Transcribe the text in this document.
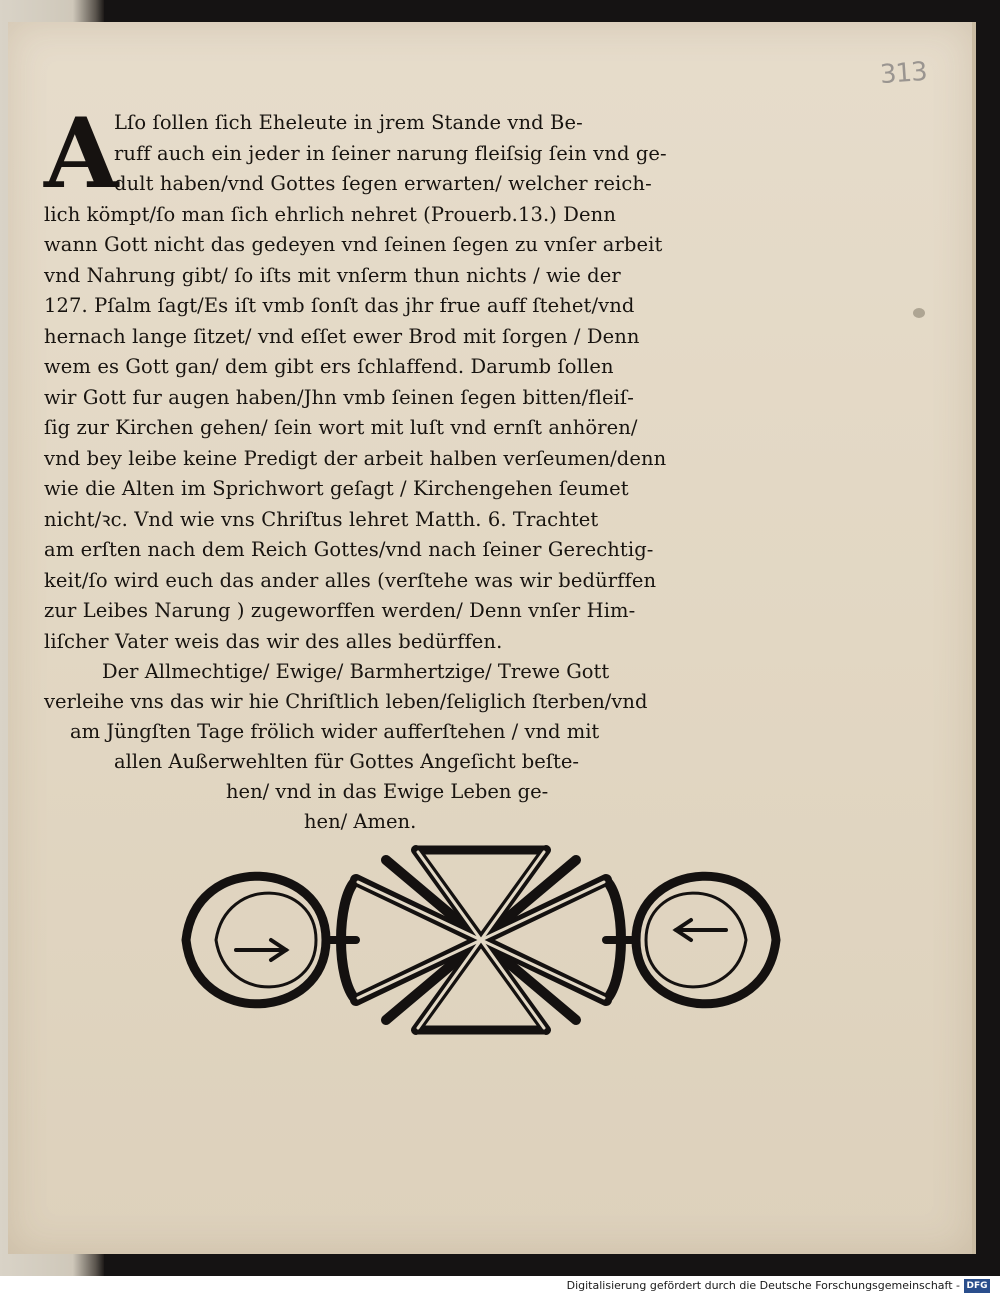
313
A
Lſo ſollen ſich Eheleute in jrem Stande vnd Be-
ruff auch ein jeder in ſeiner narung fleiſsig ſein vnd ge-
dult haben/vnd Gottes ſegen erwarten/ welcher reich-
lich kömpt/ſo man ſich ehrlich nehret (Prouerb.13.) Denn
wann Gott nicht das gedeyen vnd ſeinen ſegen zu vnſer arbeit
vnd Nahrung gibt/ ſo iſts mit vnſerm thun nichts / wie der
127. Pſalm ſagt/Es iſt vmb ſonſt das jhr frue auff ſtehet/vnd
hernach lange ſitzet/ vnd eſſet ewer Brod mit ſorgen / Denn
wem es Gott gan/ dem gibt ers ſchlaffend. Darumb ſollen
wir Gott fur augen haben/Jhn vmb ſeinen ſegen bitten/fleiſ-
ſig zur Kirchen gehen/ ſein wort mit luſt vnd ernſt anhören/
vnd bey leibe keine Predigt der arbeit halben verſeumen/denn
wie die Alten im Sprichwort geſagt / Kirchengehen ſeumet
nicht/ꝛc. Vnd wie vns Chriſtus lehret Matth. 6. Trachtet
am erſten nach dem Reich Gottes/vnd nach ſeiner Gerechtig-
keit/ſo wird euch das ander alles (verſtehe was wir bedürffen
zur Leibes Narung ) zugeworffen werden/ Denn vnſer Him-
liſcher Vater weis das wir des alles bedürffen.
Der Allmechtige/ Ewige/ Barmhertzige/ Trewe Gott
verleihe vns das wir hie Chriſtlich leben/ſeliglich ſterben/vnd
am Jüngſten Tage frölich wider aufferſtehen / vnd mit
allen Außerwehlten für Gottes Angeſicht beſte-
hen/ vnd in das Ewige Leben ge-
hen/ Amen.
Digitalisierung gefördert durch die Deutsche Forschungsgemeinschaft - DFG
